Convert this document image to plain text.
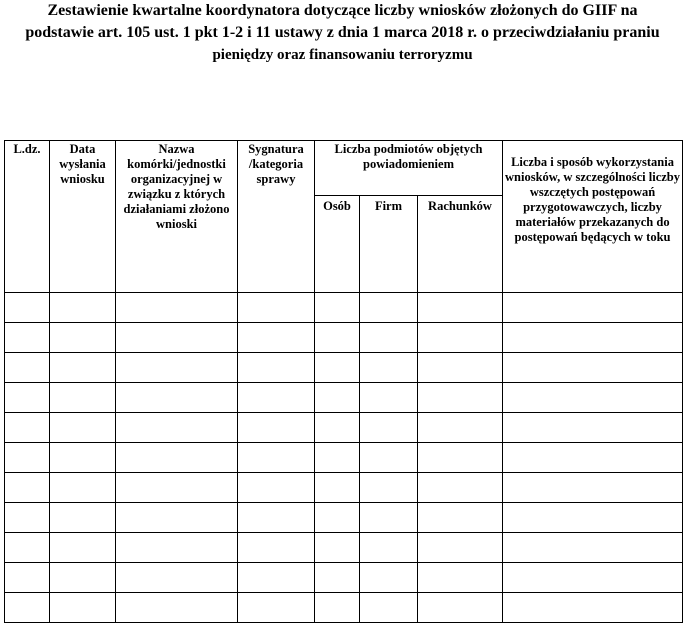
Zestawienie kwartalne koordynatora dotyczące liczby wniosków złożonych do GIIF na
podstawie art. 105 ust. 1 pkt 1-2 i 11 ustawy z dnia 1 marca 2018 r. o przeciwdziałaniu praniu
pieniędzy oraz finansowaniu terroryzmu
L.dz.	Data wysłania wniosku	Nazwa komórki/jednostki organizacyjnej w związku z których działaniami złożono wnioski	Sygnatura /kategoria sprawy	Liczba podmiotów objętych powiadomieniem			Liczba i sposób wykorzystania wniosków, w szczególności liczby wszczętych postępowań przygotowawczych, liczby materiałów przekazanych do postępowań będących w toku
				Osób	Firm	Rachunków	
